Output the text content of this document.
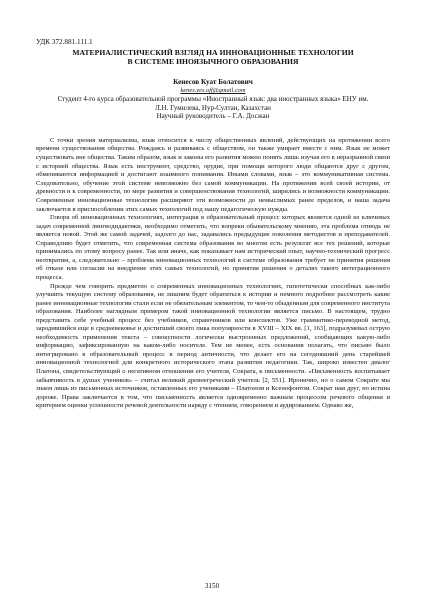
УДК 372.881.111.1

МАТЕРИАЛИСТИЧЕСКИЙ ВЗГЛЯД НА ИННОВАЦИОННЫЕ ТЕХНОЛОГИИ
В СИСТЕМЕ ИНОЯЗЫЧНОГО ОБРАЗОВАНИЯ

Кенесов Куат Болатович

kenes.yes.off@gmail.com

Студент 4-го курса образовательной программы «Иностранный язык: два иностранных языка» ЕНУ им. Л.Н. Гумилева, Нур-Султан, Казахстан

Научный руководитель – Г.А. Досжан

С точки зрения материализма, язык относится к числу общественных явлений, действующих на протяжении всего времени существования общества. Рождаясь и развиваясь с обществом, он также умирает вместе с ним. Язык не может существовать вне общества. Таким образом, язык и законы его развития можно понять лишь изучая его в неразрывной связи с историей общества. Язык есть инструмент, средство, орудие, при помощи которого люди общаются друг с другом, обмениваются информацией и достигают взаимного понимания. Иными словами, язык – это коммуникативная система. Следовательно, обучение этой системе невозможно без самой коммуникации. На протяжении всей своей истории, от древности и к современности, по мере развития и совершенствования технологий, ширились и возможности коммуникации. Современные инновационные технологии расширяют эти возможности до немыслимых ранее пределов, и наша задача заключается в приспособлении этих самых технологий под нашу педагогическую нужды.

Говоря об инновационных технологиях, интеграция в образовательный процесс которых является одной из ключевых задач современной лингводидактики, необходимо отметить, что вопреки обывательскому мнению, эта проблема отнюдь не является новой. Этой же самой задачей, задолго до нас, задавались предыдущие поколения методистов и преподавателей. Справедливо будет отметить, что современная система образования во многом есть результат все тех решений, которые принимались по этому вопросу ранее. Так или иначе, как показывает нам исторический опыт, научно-технический прогресс неотвратим, а, следовательно – проблема инновационных технологий в системе образования требует не принятия решения об отказе или согласии на внедрение этих самых технологий, но принятия решения о деталях такого интеграционного процесса.

Прежде чем говорить предметно о современных инновационных технологиях, гипотетически способных как-либо улучшить текущую систему образования, не лишним будет обратиться к истории и немного подробнее рассмотреть какие ранее инновационные технологии стали если не обязательным элементом, то чем-то обыденным для современного института образования. Наиболее наглядным примером такой инновационной технологии является письмо. В настоящем, трудно представить себе учебный процесс без учебников, справочников или конспектов. Уже грамматико-переводной метод, зародившийся еще в средневековье и достигший своего пика популярности в XVIII – XIX вв. [1, 163], подразумевал острую необходимость применения текста – совокупности логически выстроенных предложений, сообщающих какую-либо информацию, зафиксированную на каком-либо носителе. Тем не менее, есть основания полагать, что письмо было интегрировано в образовательный процесс в период античности, что делает его на сегодняшний день старейшей инновационной технологией для конкретного исторического этапа развития педагогики. Так, широко известен диалог Платона, свидетельствующий о негативном отношении его учителя, Сократа, к письменности. «Письменность воспитывает забывчивость в душах учеников» – считал великий древнегреческий учитель [2, 551]. Иронично, но о самом Сократе мы знаем лишь из письменных источников, оставленных его учениками – Платоном и Ксенофонтом. Сократ нам друг, но истина дороже. Права заключается в том, что письменность является одновременно важным процессом речевого общения и критерием оценки успешности речевой деятельности наряду с чтением, говорением и аудированием. Однако же,

3150
